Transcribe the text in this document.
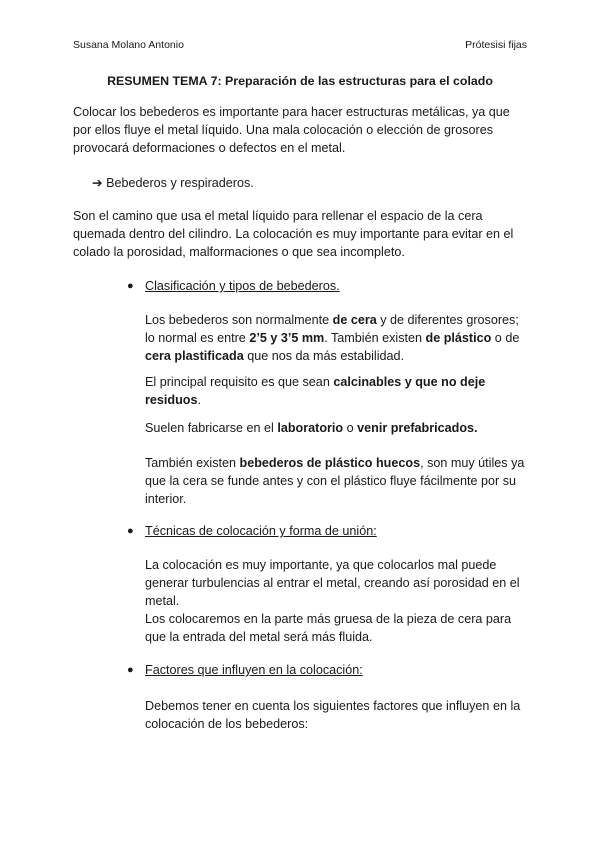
Susana Molano Antonio	Prótesisi fijas
RESUMEN TEMA 7: Preparación de las estructuras para el colado

Colocar los bebederos es importante para hacer estructuras metálicas, ya que por ellos fluye el metal líquido. Una mala colocación o elección de grosores provocará deformaciones o defectos en el metal.

➔ Bebederos y respiraderos.

Son el camino que usa el metal líquido para rellenar el espacio de la cera quemada dentro del cilindro. La colocación es muy importante para evitar en el colado la porosidad, malformaciones o que sea incompleto.

● Clasificación y tipos de bebederos.

Los bebederos son normalmente de cera y de diferentes grosores; lo normal es entre 2’5 y 3’5 mm. También existen de plástico o de cera plastificada que nos da más estabilidad.

El principal requisito es que sean calcinables y que no deje residuos.

Suelen fabricarse en el laboratorio o venir prefabricados.

También existen bebederos de plástico huecos, son muy útiles ya que la cera se funde antes y con el plástico fluye fácilmente por su interior.

● Técnicas de colocación y forma de unión:

La colocación es muy importante, ya que colocarlos mal puede generar turbulencias al entrar el metal, creando así porosidad en el metal.

Los colocaremos en la parte más gruesa de la pieza de cera para que la entrada del metal será más fluida.

● Factores que influyen en la colocación:

Debemos tener en cuenta los siguientes factores que influyen en la colocación de los bebederos:
